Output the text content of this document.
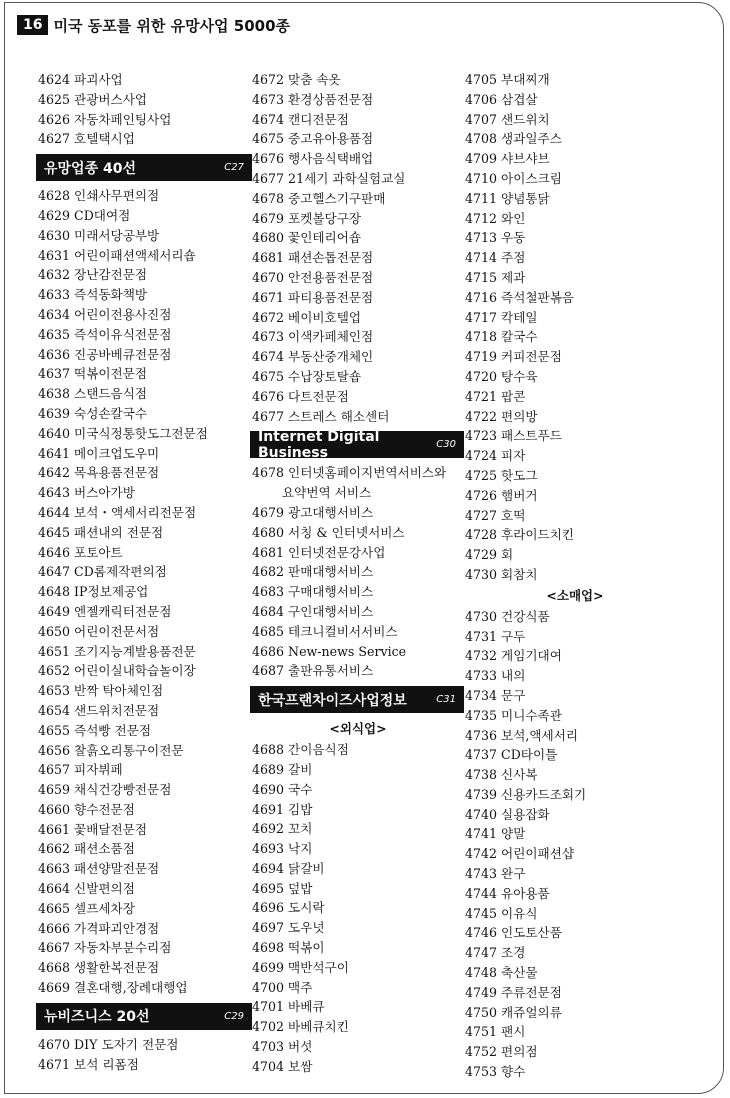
16 미국 동포를 위한 유망사업 5000종
4624 파괴사업
4625 관광버스사업
4626 자동차페인팅사업
4627 호텔택시업
유망업종 40선	C27
4628 인쇄사무편의점
4629 CD대여점
4630 미래서당공부방
4631 어린이패션액세서리숍
4632 장난감전문점
4633 즉석동화책방
4634 어린이전용사진점
4635 즉석이유식전문점
4636 진공바베큐전문점
4637 떡볶이전문점
4638 스탠드음식점
4639 숙성손칼국수
4640 미국식정통핫도그전문점
4641 메이크업도우미
4642 목욕용품전문점
4643 버스아가방
4644 보석・액세서리전문점
4645 패션내의 전문점
4646 포토아트
4647 CD롬제작편의점
4648 IP정보제공업
4649 엔젤캐릭터전문점
4650 어린이전문서점
4651 조기지능계발용품전문
4652 어린이실내학습놀이장
4653 반짝 탁아체인점
4654 샌드위치전문점
4655 즉석빵 전문점
4656 찰흙오리통구이전문
4657 피자뷔페
4659 채식건강빵전문점
4660 향수전문점
4661 꽃배달전문점
4662 패션소품점
4663 패션양말전문점
4664 신발편의점
4665 셀프세차장
4666 가격파괴안경점
4667 자동차부분수리점
4668 생활한복전문점
4669 결혼대행,장례대행업
뉴비즈니스 20선	C29
4670 DIY 도자기 전문점
4671 보석 리폼점
4672 맞춤 속옷
4673 환경상품전문점
4674 캔디전문점
4675 중고유아용품점
4676 행사음식택배업
4677 21세기 과학실험교실
4678 중고헬스기구판매
4679 포켓볼당구장
4680 꽃인테리어숍
4681 패션손톱전문점
4670 안전용품전문점
4671 파티용품전문점
4672 베이비호텔업
4673 이색카페체인점
4674 부동산중개체인
4675 수납장토탈숍
4676 다트전문점
4677 스트레스 해소센터
Internet Digital Business	C30
4678 인터넷홈페이지번역서비스와
요약번역 서비스
4679 광고대행서비스
4680 서칭 & 인터넷서비스
4681 인터넷전문강사업
4682 판매대행서비스
4683 구매대행서비스
4684 구인대행서비스
4685 테크니컬비서서비스
4686 New-news Service
4687 출판유통서비스
한국프랜차이즈사업정보	C31
<외식업>
4688 간이음식점
4689 갈비
4690 국수
4691 김밥
4692 꼬치
4693 낙지
4694 닭갈비
4695 덮밥
4696 도시락
4697 도우넛
4698 떡볶이
4699 맥반석구이
4700 맥주
4701 바베큐
4702 바베큐치킨
4703 버섯
4704 보쌈
4705 부대찌개
4706 삼겹살
4707 샌드위치
4708 생과일주스
4709 샤브샤브
4710 아이스크림
4711 양념통닭
4712 와인
4713 우동
4714 주점
4715 제과
4716 즉석철판볶음
4717 칵테일
4718 칼국수
4719 커피전문점
4720 탕수육
4721 팝콘
4722 편의방
4723 패스트푸드
4724 피자
4725 핫도그
4726 햄버거
4727 호떡
4728 후라이드치킨
4729 회
4730 회참치
<소매업>
4730 건강식품
4731 구두
4732 게임기대여
4733 내의
4734 문구
4735 미니수족관
4736 보석,액세서리
4737 CD타이틀
4738 신사복
4739 신용카드조회기
4740 실용잡화
4741 양말
4742 어린이패션샵
4743 완구
4744 유아용품
4745 이유식
4746 인도토산품
4747 조경
4748 축산물
4749 주류전문점
4750 캐쥬얼의류
4751 팬시
4752 편의점
4753 향수
